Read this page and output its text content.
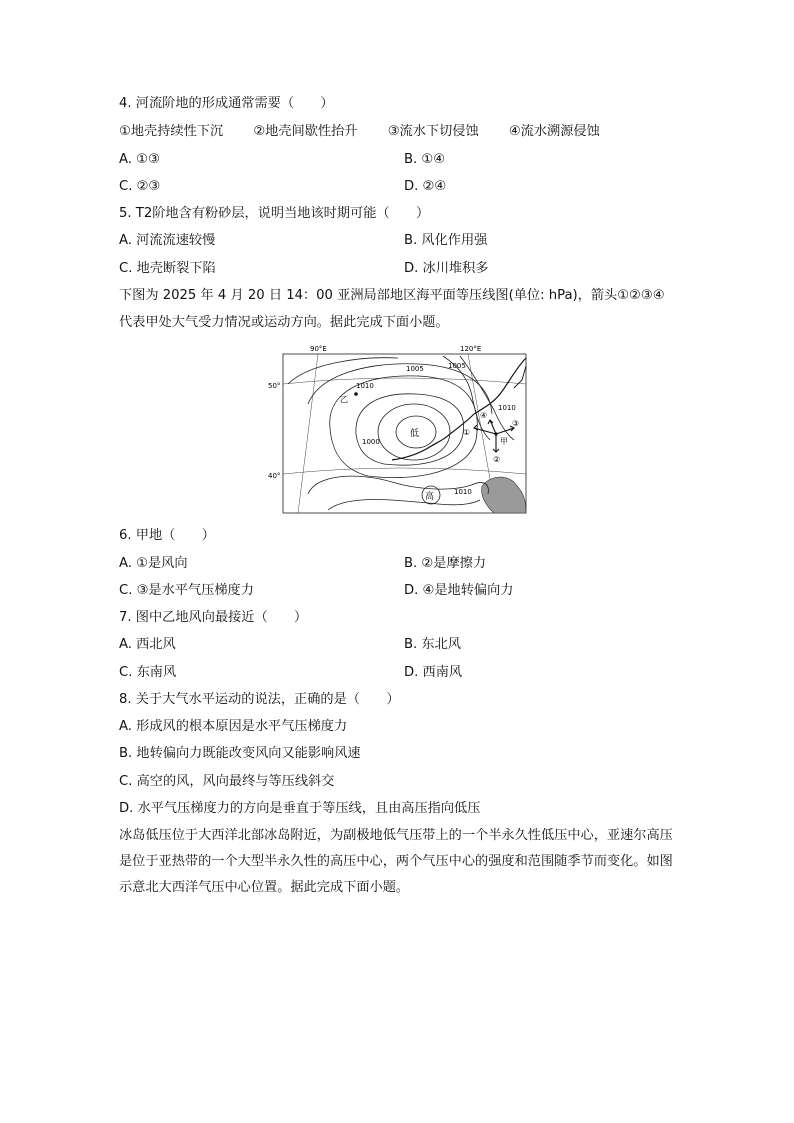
4. 河流阶地的形成通常需要（　　）
①地壳持续性下沉 ②地壳间歇性抬升 ③流水下切侵蚀 ④流水溯源侵蚀
A. ①③	B. ①④
C. ②③	D. ②④
5. T2阶地含有粉砂层，说明当地该时期可能（　　）
A. 河流流速较慢	B. 风化作用强
C. 地壳断裂下陷	D. 冰川堆积多
下图为 2025 年 4 月 20 日 14：00 亚洲局部地区海平面等压线图(单位: hPa)，箭头①②③④
代表甲处大气受力情况或运动方向。据此完成下面小题。
90°E	120°E
50°
40°
1005	1005
1010
1010
1000
1010
乙
甲
低
高
①
②
③
④
6. 甲地（　　）
A. ①是风向	B. ②是摩擦力
C. ③是水平气压梯度力	D. ④是地转偏向力
7. 图中乙地风向最接近（　　）
A. 西北风	B. 东北风
C. 东南风	D. 西南风
8. 关于大气水平运动的说法，正确的是（　　）
A. 形成风的根本原因是水平气压梯度力
B. 地转偏向力既能改变风向又能影响风速
C. 高空的风，风向最终与等压线斜交
D. 水平气压梯度力的方向是垂直于等压线，且由高压指向低压
冰岛低压位于大西洋北部冰岛附近，为副极地低气压带上的一个半永久性低压中心，亚速尔高压是位于亚热带的一个大型半永久性的高压中心，两个气压中心的强度和范围随季节而变化。如图示意北大西洋气压中心位置。据此完成下面小题。
